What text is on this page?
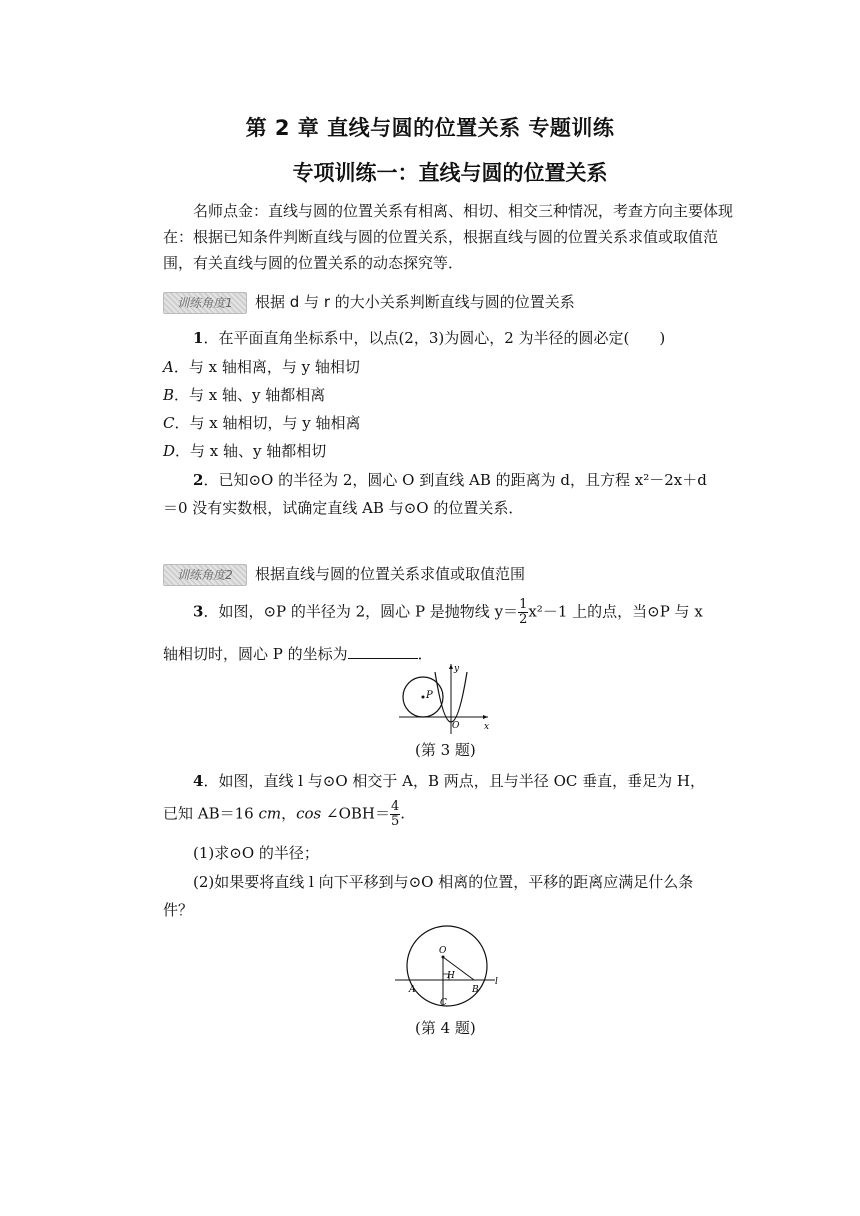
第 2 章 直线与圆的位置关系 专题训练
专项训练一：直线与圆的位置关系
名师点金：直线与圆的位置关系有相离、相切、相交三种情况，考查方向主要体现在：根据已知条件判断直线与圆的位置关系，根据直线与圆的位置关系求值或取值范围，有关直线与圆的位置关系的动态探究等．
训练角度1 根据 d 与 r 的大小关系判断直线与圆的位置关系
1．在平面直角坐标系中，以点(2，3)为圆心，2 为半径的圆必定(　　)
A．与 x 轴相离，与 y 轴相切
B．与 x 轴、y 轴都相离
C．与 x 轴相切，与 y 轴相离
D．与 x 轴、y 轴都相切
2．已知⊙O 的半径为 2，圆心 O 到直线 AB 的距离为 d，且方程 x²－2x＋d
＝0 没有实数根，试确定直线 AB 与⊙O 的位置关系．
训练角度2 根据直线与圆的位置关系求值或取值范围
3．如图，⊙P 的半径为 2，圆心 P 是抛物线 $y= \frac{1}{2} x^2-1$ 上的点，当⊙P 与 x
轴相切时，圆心 P 的坐标为	．
P
O	x
y
(第 3 题)
4．如图，直线 l 与⊙O 相交于 A，B 两点，且与半径 OC 垂直，垂足为 H，
已知 AB＝16 cm，cos ∠OBH＝ $\frac{4}{5}$ .
(1)求⊙O 的半径；
(2)如果要将直线 l 向下平移到与⊙O 相离的位置，平移的距离应满足什么条
件？
O
H
A	B
C
l
(第 4 题)
